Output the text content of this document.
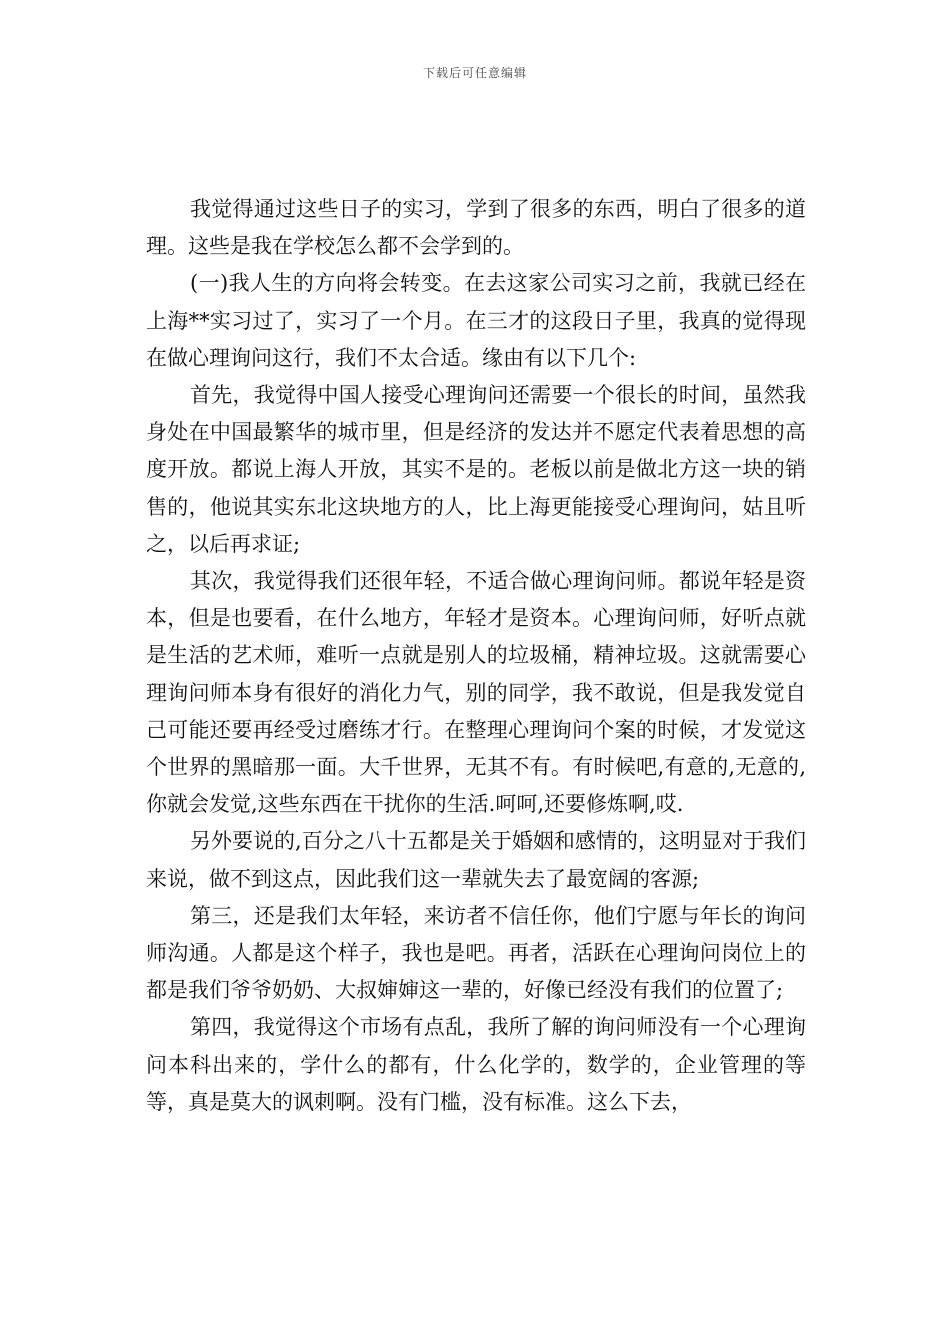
下载后可任意编辑

我觉得通过这些日子的实习，学到了很多的东西，明白了很多的道理。这些是我在学校怎么都不会学到的。

(一)我人生的方向将会转变。在去这家公司实习之前，我就已经在上海**实习过了，实习了一个月。在三才的这段日子里，我真的觉得现在做心理询问这行，我们不太合适。缘由有以下几个:

首先，我觉得中国人接受心理询问还需要一个很长的时间，虽然我身处在中国最繁华的城市里，但是经济的发达并不愿定代表着思想的高度开放。都说上海人开放，其实不是的。老板以前是做北方这一块的销售的，他说其实东北这块地方的人，比上海更能接受心理询问，姑且听之，以后再求证;

其次，我觉得我们还很年轻，不适合做心理询问师。都说年轻是资本，但是也要看，在什么地方，年轻才是资本。心理询问师，好听点就是生活的艺术师，难听一点就是别人的垃圾桶，精神垃圾。这就需要心理询问师本身有很好的消化力气，别的同学，我不敢说，但是我发觉自己可能还要再经受过磨练才行。在整理心理询问个案的时候，才发觉这个世界的黑暗那一面。大千世界，无其不有。有时候吧,有意的,无意的,你就会发觉,这些东西在干扰你的生活.呵呵,还要修炼啊,哎.

另外要说的,百分之八十五都是关于婚姻和感情的，这明显对于我们来说，做不到这点，因此我们这一辈就失去了最宽阔的客源;

第三，还是我们太年轻，来访者不信任你，他们宁愿与年长的询问师沟通。人都是这个样子，我也是吧。再者，活跃在心理询问岗位上的都是我们爷爷奶奶、大叔婶婶这一辈的，好像已经没有我们的位置了;

第四，我觉得这个市场有点乱，我所了解的询问师没有一个心理询问本科出来的，学什么的都有，什么化学的，数学的，企业管理的等等，真是莫大的讽刺啊。没有门槛，没有标准。这么下去，
